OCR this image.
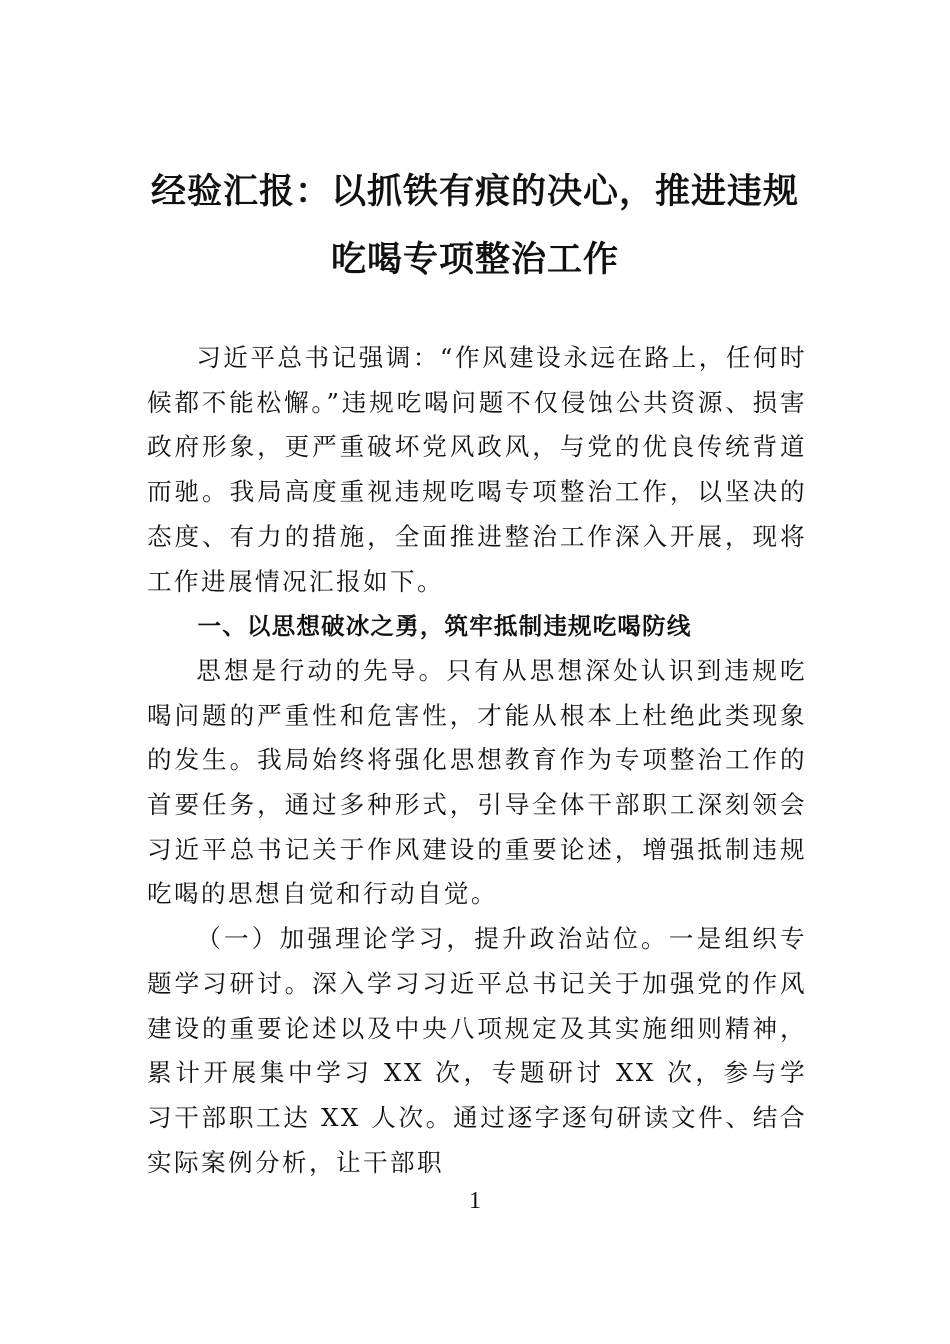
经验汇报：以抓铁有痕的决心，推进违规
吃喝专项整治工作

习近平总书记强调：“作风建设永远在路上，任何时候都不能松懈。”违规吃喝问题不仅侵蚀公共资源、损害政府形象，更严重破坏党风政风，与党的优良传统背道而驰。我局高度重视违规吃喝专项整治工作，以坚决的态度、有力的措施，全面推进整治工作深入开展，现将工作进展情况汇报如下。

一、以思想破冰之勇，筑牢抵制违规吃喝防线

思想是行动的先导。只有从思想深处认识到违规吃喝问题的严重性和危害性，才能从根本上杜绝此类现象的发生。我局始终将强化思想教育作为专项整治工作的首要任务，通过多种形式，引导全体干部职工深刻领会习近平总书记关于作风建设的重要论述，增强抵制违规吃喝的思想自觉和行动自觉。

（一）加强理论学习，提升政治站位。一是组织专题学习研讨。深入学习习近平总书记关于加强党的作风建设的重要论述以及中央八项规定及其实施细则精神，累计开展集中学习 XX 次，专题研讨 XX 次，参与学习干部职工达 XX 人次。通过逐字逐句研读文件、结合实际案例分析，让干部职

1
